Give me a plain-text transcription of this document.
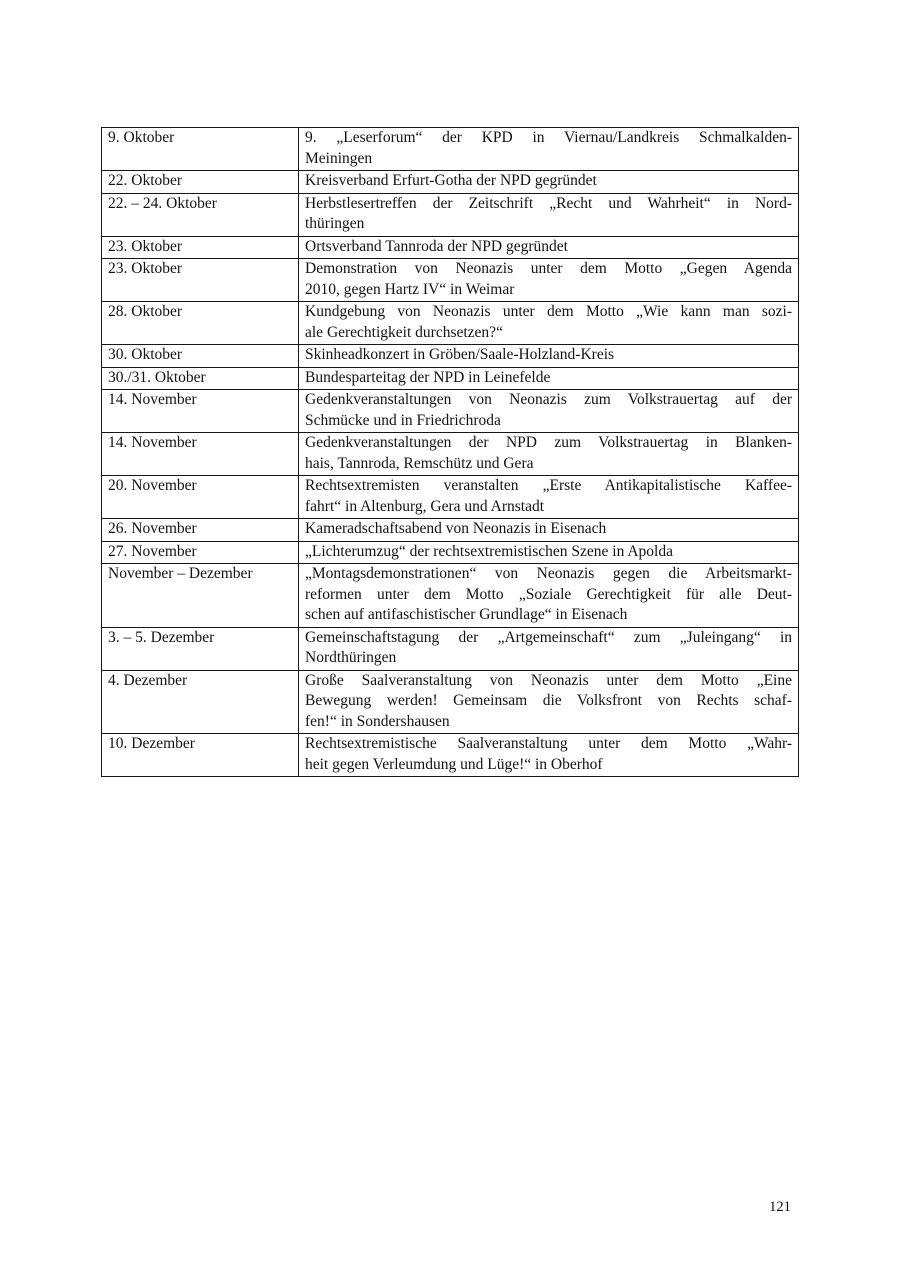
9. Oktober	9. „Leserforum“ der KPD in Viernau/Landkreis Schmalkalden-
Meiningen

22. Oktober	Kreisverband Erfurt-Gotha der NPD gegründet

22. – 24. Oktober	Herbstlesertreffen der Zeitschrift „Recht und Wahrheit“ in Nord-
thüringen

23. Oktober	Ortsverband Tannroda der NPD gegründet

23. Oktober	Demonstration von Neonazis unter dem Motto „Gegen Agenda
2010, gegen Hartz IV“ in Weimar

28. Oktober	Kundgebung von Neonazis unter dem Motto „Wie kann man sozi-
ale Gerechtigkeit durchsetzen?“

30. Oktober	Skinheadkonzert in Gröben/Saale-Holzland-Kreis

30./31. Oktober	Bundesparteitag der NPD in Leinefelde

14. November	Gedenkveranstaltungen von Neonazis zum Volkstrauertag auf der
Schmücke und in Friedrichroda

14. November	Gedenkveranstaltungen der NPD zum Volkstrauertag in Blanken-
hais, Tannroda, Remschütz und Gera

20. November	Rechtsextremisten veranstalten „Erste Antikapitalistische Kaffee-
fahrt“ in Altenburg, Gera und Arnstadt

26. November	Kameradschaftsabend von Neonazis in Eisenach

27. November	„Lichterumzug“ der rechtsextremistischen Szene in Apolda

November – Dezember	„Montagsdemonstrationen“ von Neonazis gegen die Arbeitsmarkt-
reformen unter dem Motto „Soziale Gerechtigkeit für alle Deut-
schen auf antifaschistischer Grundlage“ in Eisenach

3. – 5. Dezember	Gemeinschaftstagung der „Artgemeinschaft“ zum „Juleingang“ in
Nordthüringen

4. Dezember	Große Saalveranstaltung von Neonazis unter dem Motto „Eine
Bewegung werden! Gemeinsam die Volksfront von Rechts schaf-
fen!“ in Sondershausen

10. Dezember	Rechtsextremistische Saalveranstaltung unter dem Motto „Wahr-
heit gegen Verleumdung und Lüge!“ in Oberhof
121
